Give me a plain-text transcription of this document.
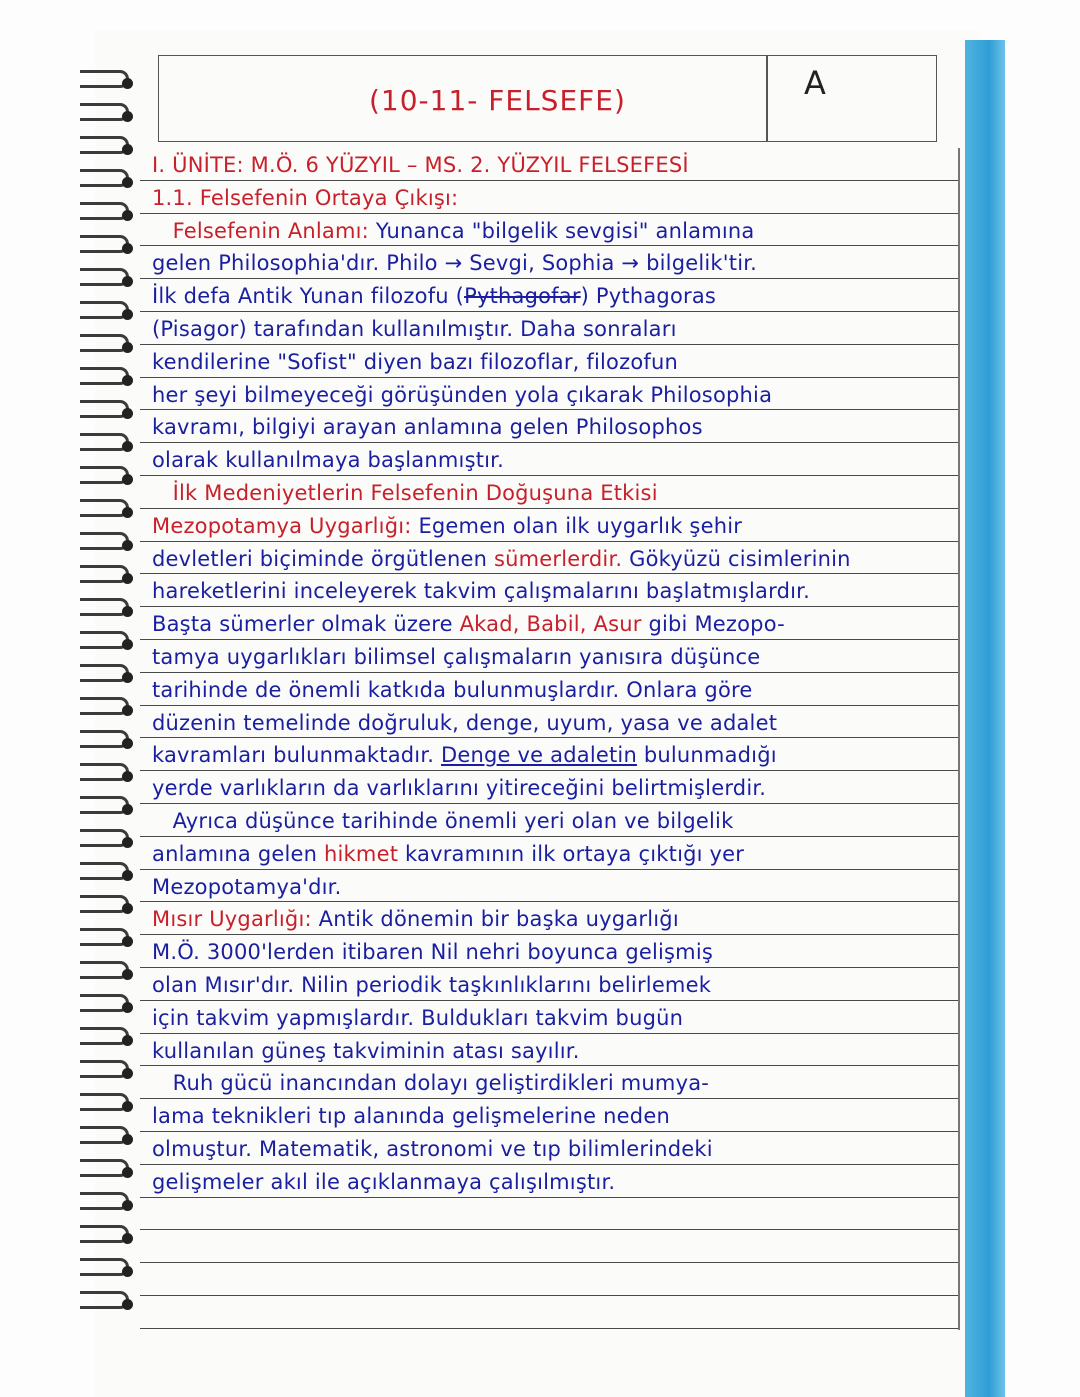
(10-11- FELSEFE)	A
I. ÜNİTE: M.Ö. 6 YÜZYIL – MS. 2. YÜZYIL FELSEFESİ
1.1. Felsefenin Ortaya Çıkışı:
Felsefenin Anlamı: Yunanca "bilgelik sevgisi" anlamına
gelen Philosophia'dır. Philo → Sevgi, Sophia → bilgelik'tir.
İlk defa Antik Yunan filozofu (Pythagofar) Pythagoras
(Pisagor) tarafından kullanılmıştır. Daha sonraları
kendilerine "Sofist" diyen bazı filozoflar, filozofun
her şeyi bilmeyeceği görüşünden yola çıkarak Philosophia
kavramı, bilgiyi arayan anlamına gelen Philosophos
olarak kullanılmaya başlanmıştır.
İlk Medeniyetlerin Felsefenin Doğuşuna Etkisi
Mezopotamya Uygarlığı: Egemen olan ilk uygarlık şehir
devletleri biçiminde örgütlenen sümerlerdir. Gökyüzü cisimlerinin
hareketlerini inceleyerek takvim çalışmalarını başlatmışlardır.
Başta sümerler olmak üzere Akad, Babil, Asur gibi Mezopo-
tamya uygarlıkları bilimsel çalışmaların yanısıra düşünce
tarihinde de önemli katkıda bulunmuşlardır. Onlara göre
düzenin temelinde doğruluk, denge, uyum, yasa ve adalet
kavramları bulunmaktadır. Denge ve adaletin bulunmadığı
yerde varlıkların da varlıklarını yitireceğini belirtmişlerdir.
Ayrıca düşünce tarihinde önemli yeri olan ve bilgelik
anlamına gelen hikmet kavramının ilk ortaya çıktığı yer
Mezopotamya'dır.
Mısır Uygarlığı: Antik dönemin bir başka uygarlığı
M.Ö. 3000'lerden itibaren Nil nehri boyunca gelişmiş
olan Mısır'dır. Nilin periodik taşkınlıklarını belirlemek
için takvim yapmışlardır. Buldukları takvim bugün
kullanılan güneş takviminin atası sayılır.
Ruh gücü inancından dolayı geliştirdikleri mumya-
lama teknikleri tıp alanında gelişmelerine neden
olmuştur. Matematik, astronomi ve tıp bilimlerindeki
gelişmeler akıl ile açıklanmaya çalışılmıştır.
